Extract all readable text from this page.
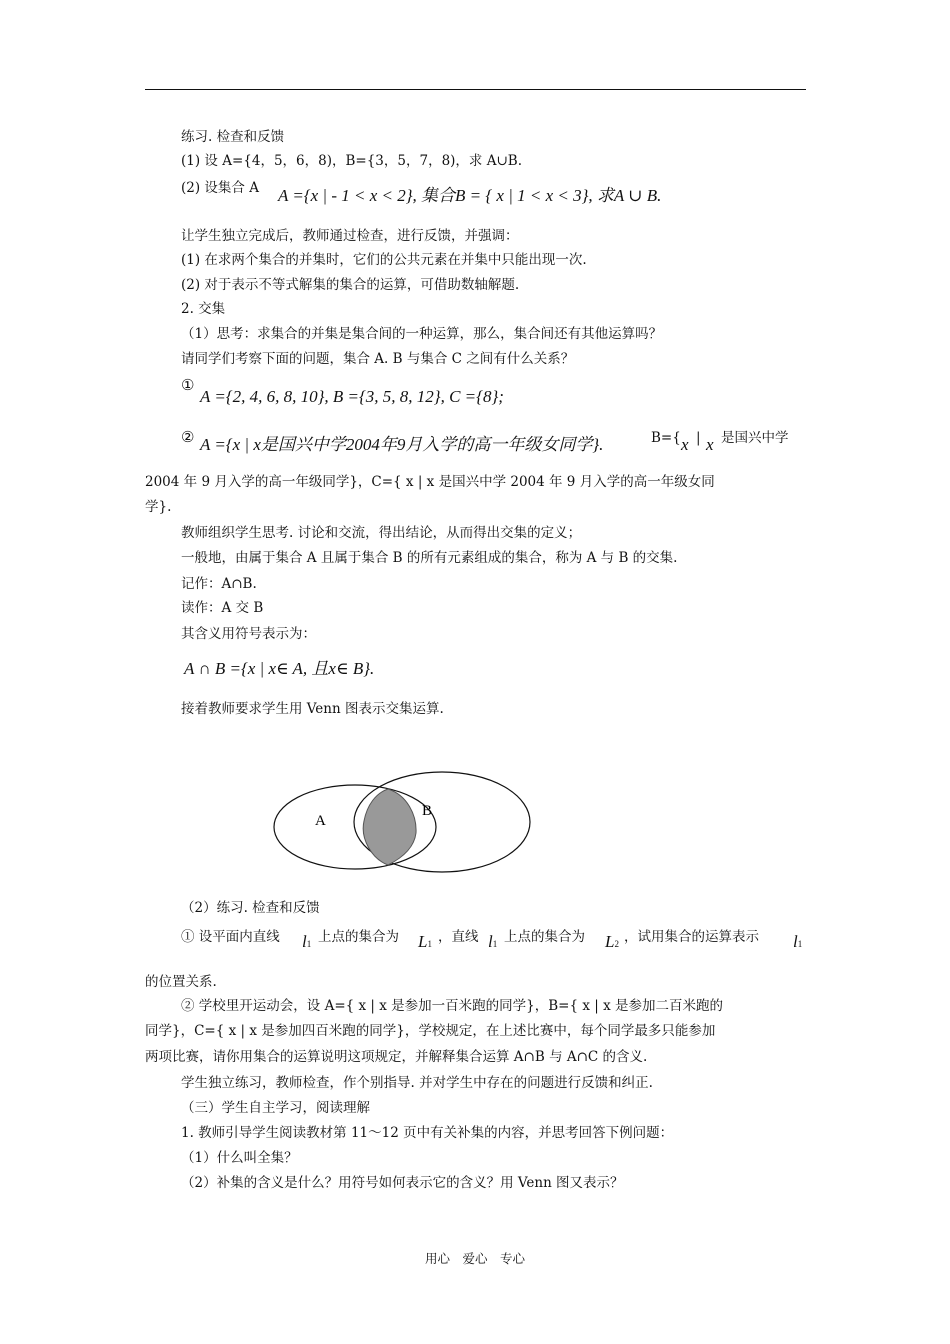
练习. 检查和反馈
(1) 设 A={4，5，6，8)，B={3，5，7，8)，求 A∪B.
(2) 设集合 A A ={x | - 1 < x < 2}, 集合B = { x | 1 < x < 3}, 求A ∪ B.
让学生独立完成后，教师通过检查，进行反馈，并强调：
(1) 在求两个集合的并集时，它们的公共元素在并集中只能出现一次.
(2) 对于表示不等式解集的集合的运算，可借助数轴解题.
2. 交集
（1）思考：求集合的并集是集合间的一种运算，那么，集合间还有其他运算吗？
请同学们考察下面的问题，集合 A. B 与集合 C 之间有什么关系？
①
A ={2, 4, 6, 8, 10}, B ={3, 5, 8, 12}, C ={8};
② A ={x | x是国兴中学2004年9月入学的高一年级女同学}.	B={ x | x 是国兴中学
2004 年 9 月入学的高一年级同学}，C={ x | x 是国兴中学 2004 年 9 月入学的高一年级女同
学}.
教师组织学生思考. 讨论和交流，得出结论，从而得出交集的定义；
一般地，由属于集合 A 且属于集合 B 的所有元素组成的集合，称为 A 与 B 的交集.
记作：A∩B.
读作：A 交 B
其含义用符号表示为：
A ∩ B ={x | x∈ A, 且x∈ B}.
接着教师要求学生用 Venn 图表示交集运算.
A
B
（2）练习. 检查和反馈
① 设平面内直线 l1 上点的集合为 L1 ，直线 l1 上点的集合为 L2 ，试用集合的运算表示 l1
的位置关系.
② 学校里开运动会，设 A={ x | x 是参加一百米跑的同学}，B={ x | x 是参加二百米跑的
同学}，C={ x | x 是参加四百米跑的同学}，学校规定，在上述比赛中，每个同学最多只能参加
两项比赛，请你用集合的运算说明这项规定，并解释集合运算 A∩B 与 A∩C 的含义.
学生独立练习，教师检查，作个别指导. 并对学生中存在的问题进行反馈和纠正.
（三）学生自主学习，阅读理解
1. 教师引导学生阅读教材第 11～12 页中有关补集的内容，并思考回答下例问题：
（1）什么叫全集？
（2）补集的含义是什么？用符号如何表示它的含义？用 Venn 图又表示？
用心　爱心　专心
